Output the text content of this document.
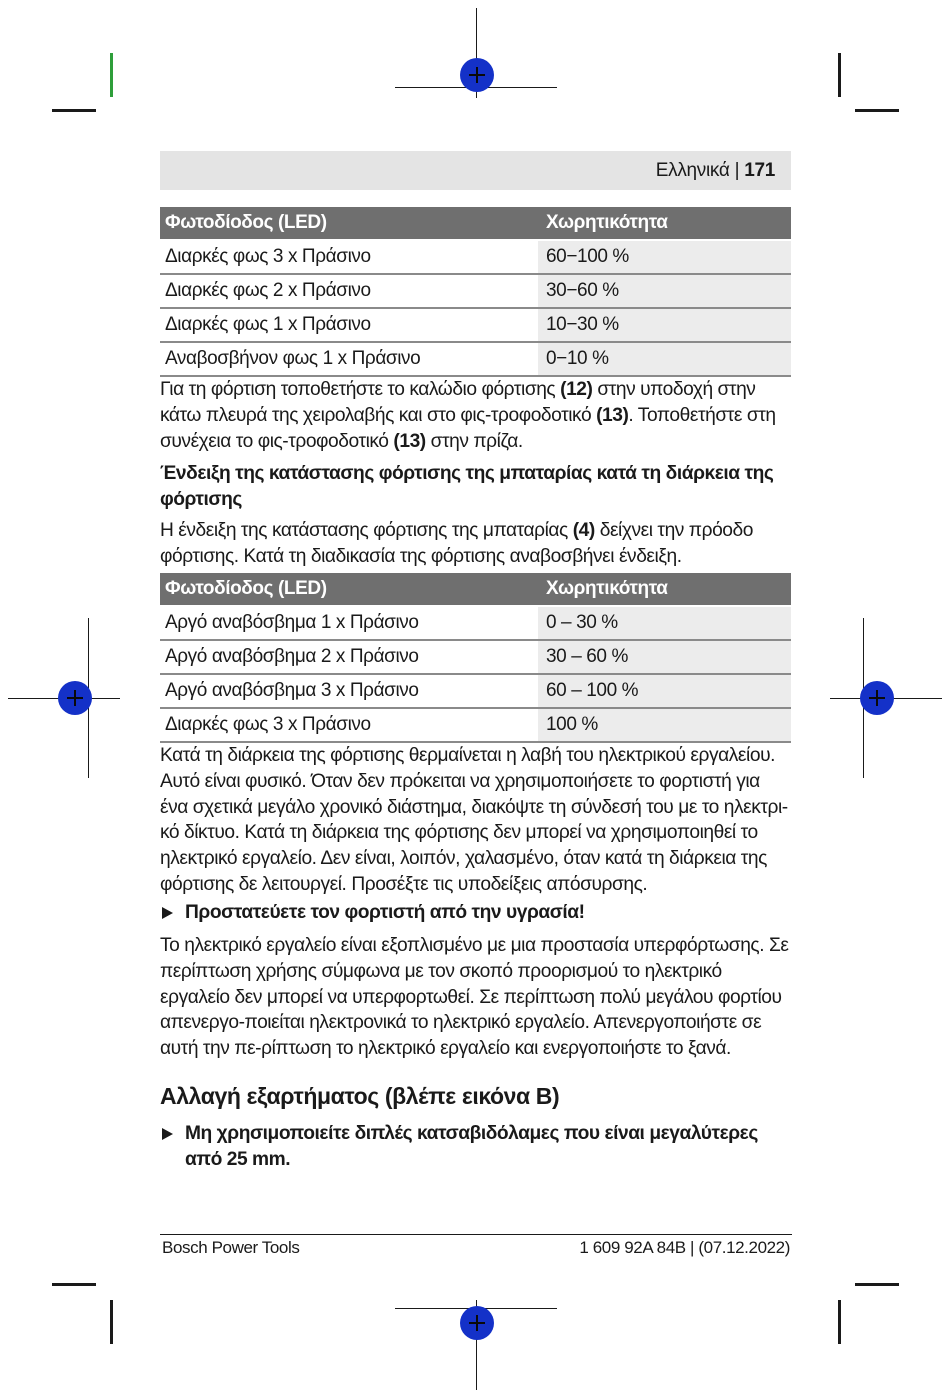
Ελληνικά | 171
Φωτοδίοδος (LED)	Χωρητικότητα
Διαρκές φως 3 x Πράσινο	60−100 %
Διαρκές φως 2 x Πράσινο	30−60 %
Διαρκές φως 1 x Πράσινο	10−30 %
Αναβοσβήνον φως 1 x Πράσινο	0−10 %
Για τη φόρτιση τοποθετήστε το καλώδιο φόρτισης (12) στην υποδοχή στην κάτω πλευρά της χειρολαβής και στο φις-τροφοδοτικό (13). Τοποθετήστε στη συνέχεια το φις-τροφοδοτικό (13) στην πρίζα.
Ένδειξη της κατάστασης φόρτισης της μπαταρίας κατά τη διάρκεια της φόρτισης
Η ένδειξη της κατάστασης φόρτισης της μπαταρίας (4) δείχνει την πρόοδο φόρτισης. Κατά τη διαδικασία της φόρτισης αναβοσβήνει ένδειξη.
Φωτοδίοδος (LED)	Χωρητικότητα
Αργό αναβόσβημα 1 x Πράσινο	0 – 30 %
Αργό αναβόσβημα 2 x Πράσινο	30 – 60 %
Αργό αναβόσβημα 3 x Πράσινο	60 – 100 %
Διαρκές φως 3 x Πράσινο	100 %
Κατά τη διάρκεια της φόρτισης θερμαίνεται η λαβή του ηλεκτρικού εργαλείου. Αυτό είναι φυσικό. Όταν δεν πρόκειται να χρησιμοποιήσετε το φορτιστή για ένα σχετικά μεγάλο χρονικό διάστημα, διακόψτε τη σύνδεσή του με το ηλεκτρι-κό δίκτυο. Κατά τη διάρκεια της φόρτισης δεν μπορεί να χρησιμοποιηθεί το ηλεκτρικό εργαλείο. Δεν είναι, λοιπόν, χαλασμένο, όταν κατά τη διάρκεια της φόρτισης δε λειτουργεί. Προσέξτε τις υποδείξεις απόσυρσης.
Προστατεύετε τον φορτιστή από την υγρασία!
Το ηλεκτρικό εργαλείο είναι εξοπλισμένο με μια προστασία υπερφόρτωσης. Σε περίπτωση χρήσης σύμφωνα με τον σκοπό προορισμού το ηλεκτρικό εργαλείο δεν μπορεί να υπερφορτωθεί. Σε περίπτωση πολύ μεγάλου φορτίου απενεργο-ποιείται ηλεκτρονικά το ηλεκτρικό εργαλείο. Απενεργοποιήστε σε αυτή την πε-ρίπτωση το ηλεκτρικό εργαλείο και ενεργοποιήστε το ξανά.
Αλλαγή εξαρτήματος (βλέπε εικόνα B)
Μη χρησιμοποιείτε διπλές κατσαβιδόλαμες που είναι μεγαλύτερες από 25 mm.
Bosch Power Tools	1 609 92A 84B | (07.12.2022)
